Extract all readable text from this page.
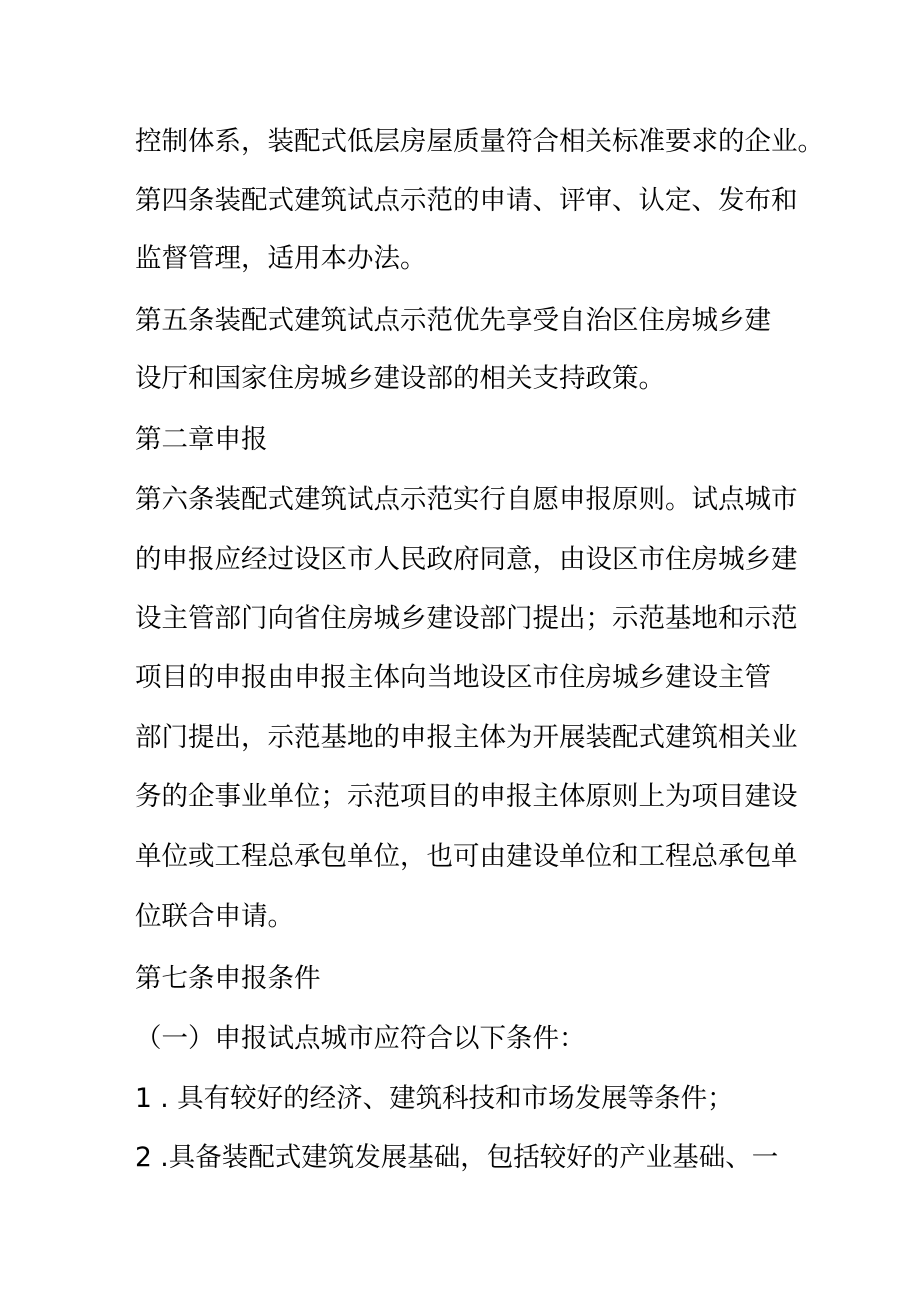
控制体系，装配式低层房屋质量符合相关标准要求的企业。
第四条装配式建筑试点示范的申请、评审、认定、发布和
监督管理，适用本办法。
第五条装配式建筑试点示范优先享受自治区住房城乡建
设厅和国家住房城乡建设部的相关支持政策。
第二章申报
第六条装配式建筑试点示范实行自愿申报原则。试点城市
的申报应经过设区市人民政府同意，由设区市住房城乡建
设主管部门向省住房城乡建设部门提出；示范基地和示范
项目的申报由申报主体向当地设区市住房城乡建设主管
部门提出，示范基地的申报主体为开展装配式建筑相关业
务的企事业单位；示范项目的申报主体原则上为项目建设
单位或工程总承包单位，也可由建设单位和工程总承包单
位联合申请。
第七条申报条件
（一）申报试点城市应符合以下条件：
1 . 具有较好的经济、建筑科技和市场发展等条件；
2 .具备装配式建筑发展基础，包括较好的产业基础、一
